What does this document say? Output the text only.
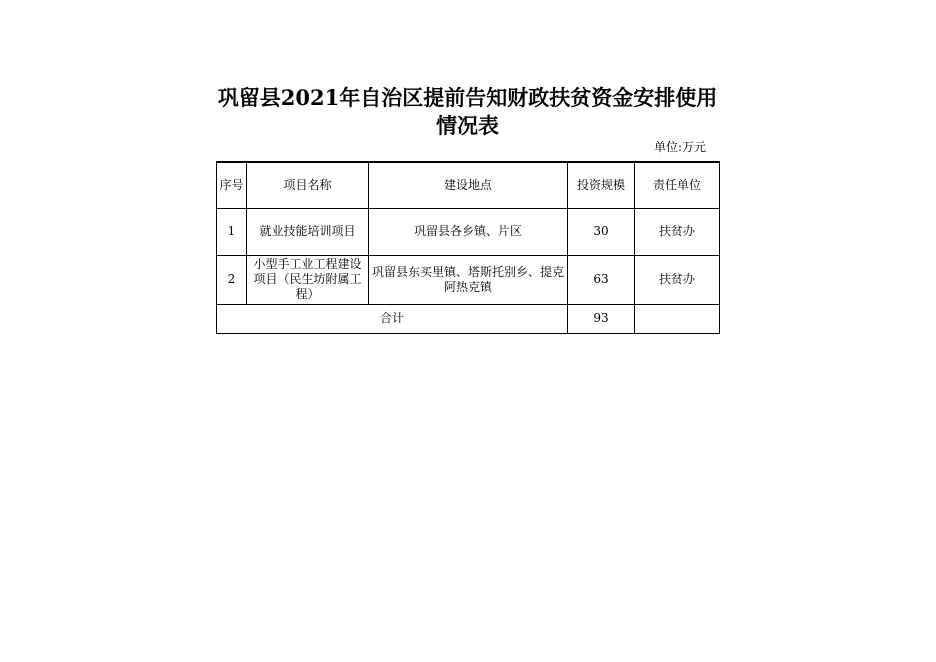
巩留县2021年自治区提前告知财政扶贫资金安排使用情况表
单位:万元
序号	项目名称	建设地点	投资规模	责任单位
1	就业技能培训项目	巩留县各乡镇、片区	30	扶贫办
2	小型手工业工程建设项目（民生坊附属工程）	巩留县东买里镇、塔斯托别乡、提克阿热克镇	63	扶贫办
合计			93	
